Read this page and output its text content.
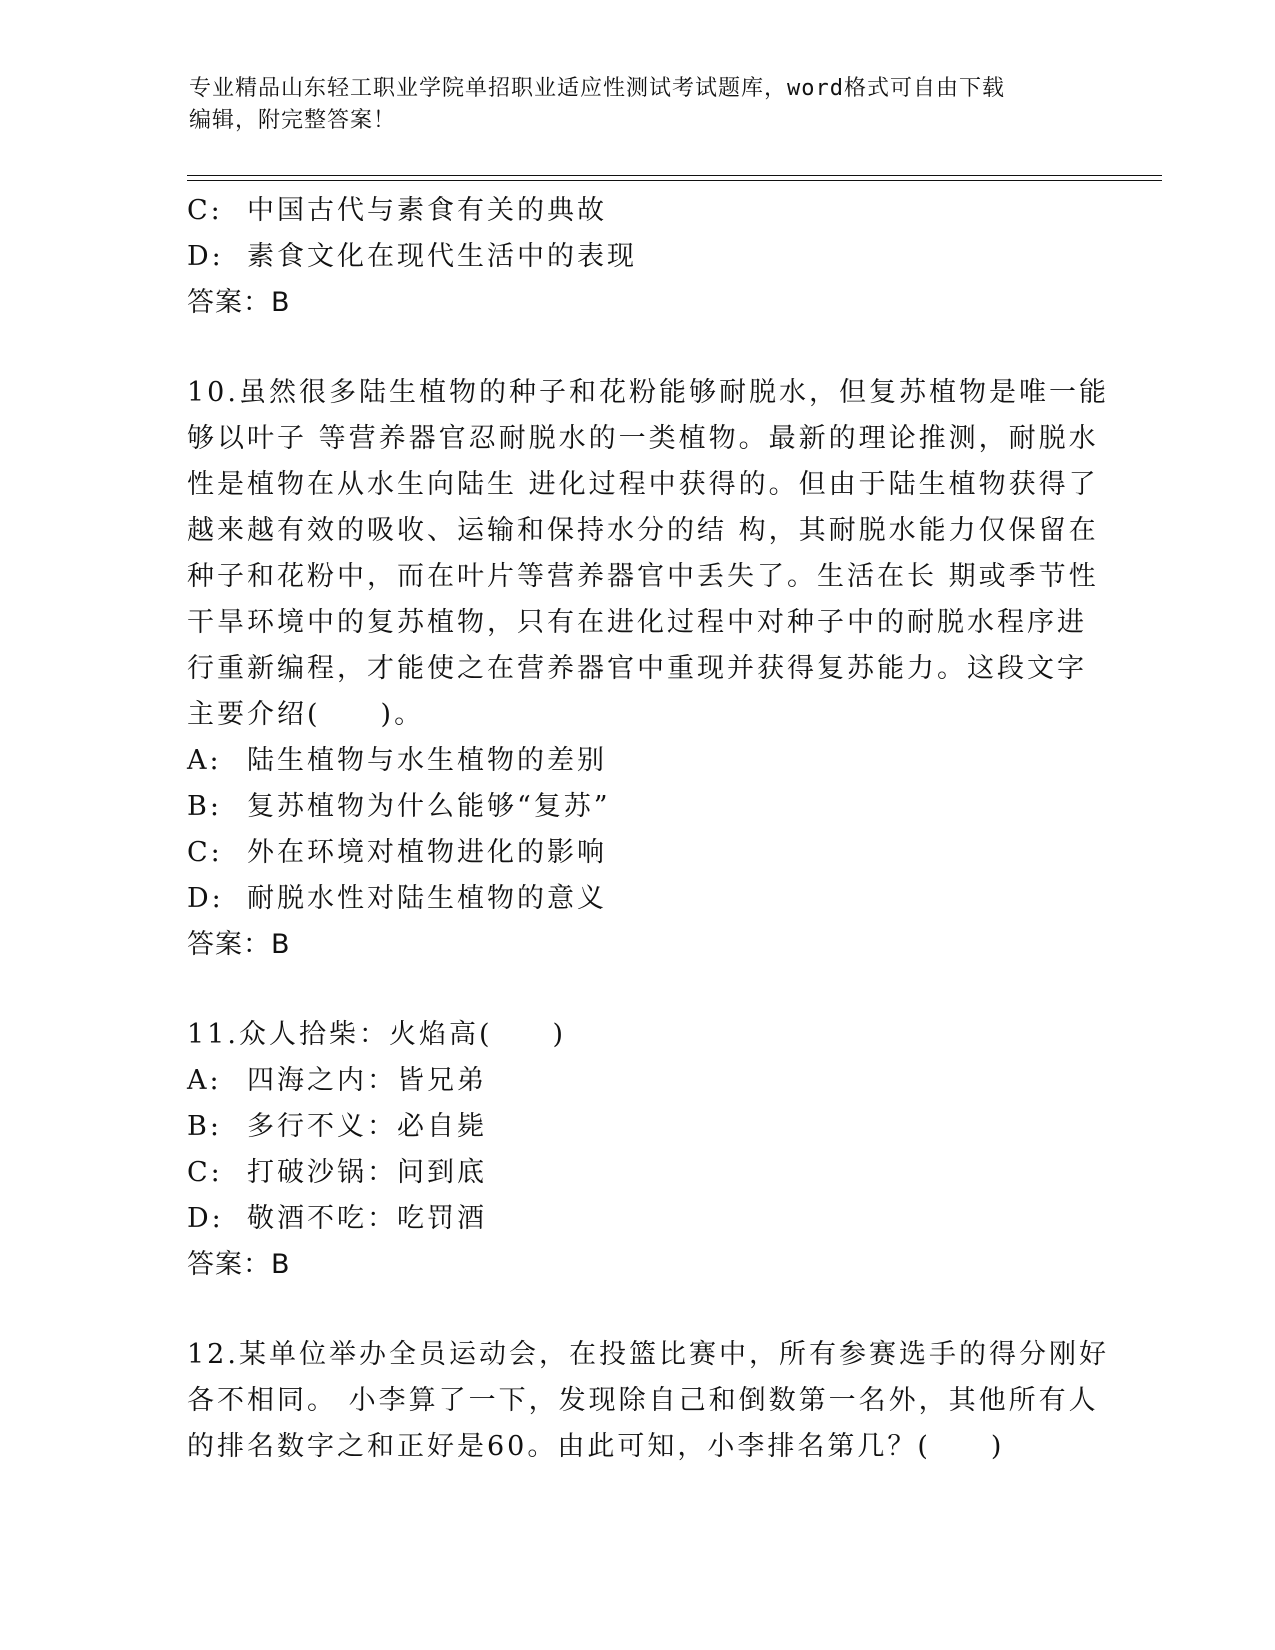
专业精品山东轻工职业学院单招职业适应性测试考试题库，word格式可自由下载
编辑，附完整答案！
C: 中国古代与素食有关的典故
D: 素食文化在现代生活中的表现
答案：B
10.虽然很多陆生植物的种子和花粉能够耐脱水，但复苏植物是唯一能
够以叶子 等营养器官忍耐脱水的一类植物。最新的理论推测，耐脱水
性是植物在从水生向陆生 进化过程中获得的。但由于陆生植物获得了
越来越有效的吸收、运输和保持水分的结 构，其耐脱水能力仅保留在
种子和花粉中，而在叶片等营养器官中丢失了。生活在长 期或季节性
干旱环境中的复苏植物，只有在进化过程中对种子中的耐脱水程序进
行重新编程，才能使之在营养器官中重现并获得复苏能力。这段文字
主要介绍(　　)。
A: 陆生植物与水生植物的差别
B: 复苏植物为什么能够“复苏”
C: 外在环境对植物进化的影响
D: 耐脱水性对陆生植物的意义
答案：B
11.众人拾柴：火焰高(　　)
A: 四海之内：皆兄弟
B: 多行不义：必自毙
C: 打破沙锅：问到底
D: 敬酒不吃：吃罚酒
答案：B
12.某单位举办全员运动会，在投篮比赛中，所有参赛选手的得分刚好
各不相同。 小李算了一下，发现除自己和倒数第一名外，其他所有人
的排名数字之和正好是60。由此可知，小李排名第几？(　　)
